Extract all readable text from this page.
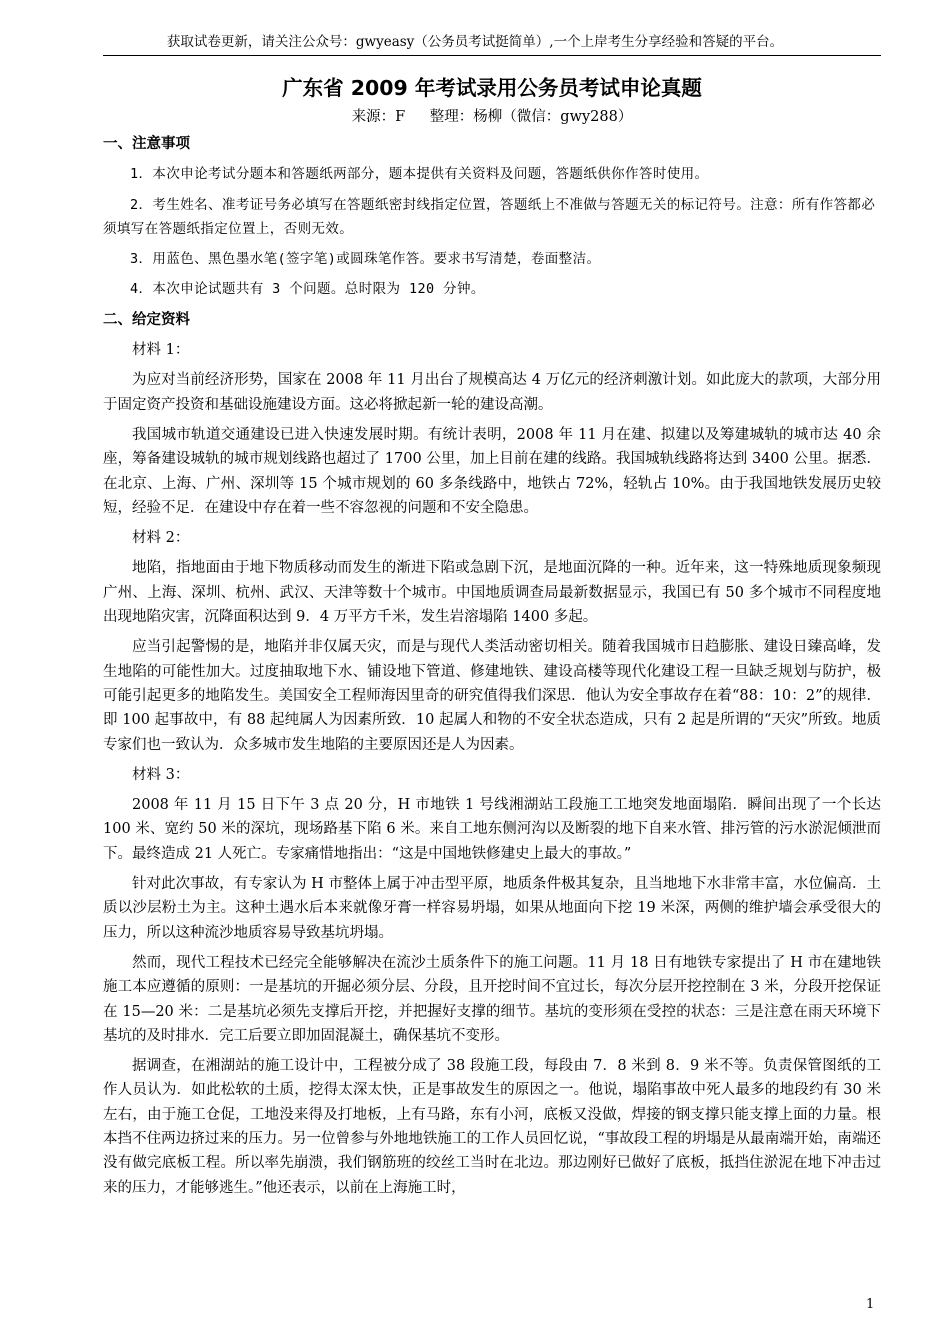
获取试卷更新，请关注公众号：gwyeasy（公务员考试挺简单）,一个上岸考生分享经验和答疑的平台。
广东省 2009 年考试录用公务员考试申论真题
来源：F 整理：杨柳（微信：gwy288）
一、注意事项

1．本次申论考试分题本和答题纸两部分，题本提供有关资料及问题，答题纸供你作答时使用。

2．考生姓名、准考证号务必填写在答题纸密封线指定位置，答题纸上不准做与答题无关的标记符号。注意：所有作答都必须填写在答题纸指定位置上，否则无效。

3．用蓝色、黑色墨水笔(签字笔)或圆珠笔作答。要求书写清楚，卷面整洁。

4．本次申论试题共有 3 个问题。总时限为 120 分钟。

二、给定资料

材料 1：

为应对当前经济形势，国家在 2008 年 11 月出台了规模高达 4 万亿元的经济刺激计划。如此庞大的款项，大部分用于固定资产投资和基础设施建设方面。这必将掀起新一轮的建设高潮。

我国城市轨道交通建设已进入快速发展时期。有统计表明，2008 年 11 月在建、拟建以及筹建城轨的城市达 40 余座，筹备建设城轨的城市规划线路也超过了 1700 公里，加上目前在建的线路。我国城轨线路将达到 3400 公里。据悉．在北京、上海、广州、深圳等 15 个城市规划的 60 多条线路中，地铁占 72%，轻轨占 10%。由于我国地铁发展历史较短，经验不足．在建设中存在着一些不容忽视的问题和不安全隐患。

材料 2：

地陷，指地面由于地下物质移动而发生的渐进下陷或急剧下沉，是地面沉降的一种。近年来，这一特殊地质现象频现广州、上海、深圳、杭州、武汉、天津等数十个城市。中国地质调查局最新数据显示，我国已有 50 多个城市不同程度地出现地陷灾害，沉降面积达到 9．4 万平方千米，发生岩溶塌陷 1400 多起。

应当引起警惕的是，地陷并非仅属天灾，而是与现代人类活动密切相关。随着我国城市日趋膨胀、建设日臻高峰，发生地陷的可能性加大。过度抽取地下水、铺设地下管道、修建地铁、建设高楼等现代化建设工程一旦缺乏规划与防护，极可能引起更多的地陷发生。美国安全工程师海因里奇的研究值得我们深思．他认为安全事故存在着“88：10：2”的规律．即 100 起事故中，有 88 起纯属人为因素所致．10 起属人和物的不安全状态造成，只有 2 起是所谓的“天灾”所致。地质专家们也一致认为．众多城市发生地陷的主要原因还是人为因素。

材料 3：

2008 年 11 月 15 日下午 3 点 20 分，H 市地铁 1 号线湘湖站工段施工工地突发地面塌陷．瞬间出现了一个长达 100 米、宽约 50 米的深坑，现场路基下陷 6 米。来自工地东侧河沟以及断裂的地下自来水管、排污管的污水淤泥倾泄而下。最终造成 21 人死亡。专家痛惜地指出：“这是中国地铁修建史上最大的事故。”

针对此次事故，有专家认为 H 市整体上属于冲击型平原，地质条件极其复杂，且当地地下水非常丰富，水位偏高．土质以沙层粉土为主。这种土遇水后本来就像牙膏一样容易坍塌，如果从地面向下挖 19 米深，两侧的维护墙会承受很大的压力，所以这种流沙地质容易导致基坑坍塌。

然而，现代工程技术已经完全能够解决在流沙土质条件下的施工问题。11 月 18 日有地铁专家提出了 H 市在建地铁施工本应遵循的原则：一是基坑的开掘必须分层、分段，且开挖时间不宜过长，每次分层开挖控制在 3 米，分段开挖保证在 15—20 米：二是基坑必须先支撑后开挖，并把握好支撑的细节。基坑的变形须在受控的状态：三是注意在雨天环境下基坑的及时排水．完工后要立即加固混凝土，确保基坑不变形。

据调查，在湘湖站的施工设计中，工程被分成了 38 段施工段，每段由 7．8 米到 8．9 米不等。负责保管图纸的工作人员认为．如此松软的土质，挖得太深太快，正是事故发生的原因之一。他说，塌陷事故中死人最多的地段约有 30 米左右，由于施工仓促，工地没来得及打地板，上有马路，东有小河，底板又没做，焊接的钢支撑只能支撑上面的力量。根本挡不住两边挤过来的压力。另一位曾参与外地地铁施工的工作人员回忆说，“事故段工程的坍塌是从最南端开始，南端还没有做完底板工程。所以率先崩溃，我们钢筋班的绞丝工当时在北边。那边刚好已做好了底板，抵挡住淤泥在地下冲击过来的压力，才能够逃生。”他还表示，以前在上海施工时，

1
